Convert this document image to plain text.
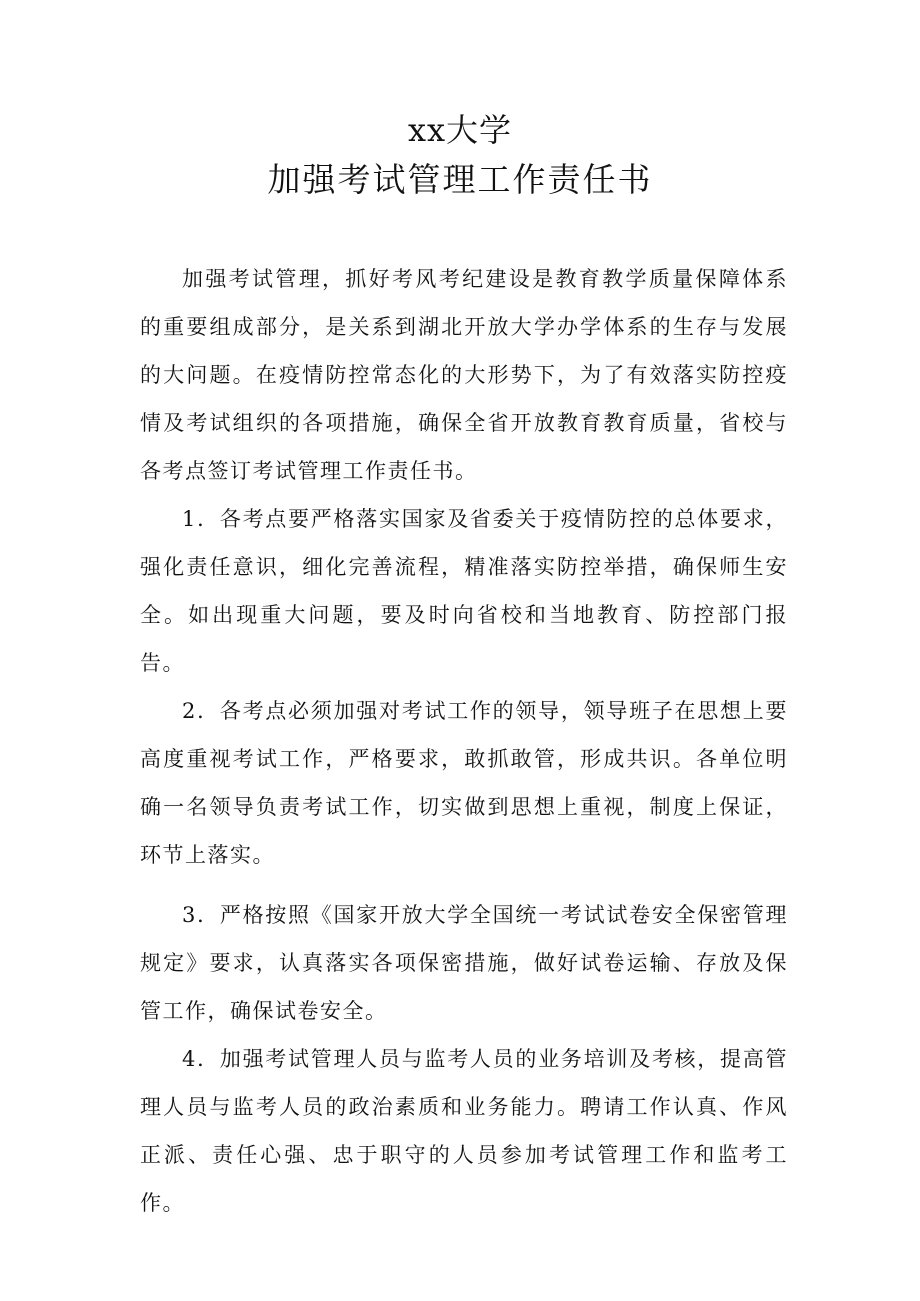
xx大学
加强考试管理工作责任书

加强考试管理，抓好考风考纪建设是教育教学质量保障体系的重要组成部分，是关系到湖北开放大学办学体系的生存与发展的大问题。在疫情防控常态化的大形势下，为了有效落实防控疫情及考试组织的各项措施，确保全省开放教育教育质量，省校与各考点签订考试管理工作责任书。

1．各考点要严格落实国家及省委关于疫情防控的总体要求，强化责任意识，细化完善流程，精准落实防控举措，确保师生安全。如出现重大问题，要及时向省校和当地教育、防控部门报告。

2．各考点必须加强对考试工作的领导，领导班子在思想上要高度重视考试工作，严格要求，敢抓敢管，形成共识。各单位明确一名领导负责考试工作，切实做到思想上重视，制度上保证，环节上落实。

3．严格按照《国家开放大学全国统一考试试卷安全保密管理规定》要求，认真落实各项保密措施，做好试卷运输、存放及保管工作，确保试卷安全。

4．加强考试管理人员与监考人员的业务培训及考核，提高管理人员与监考人员的政治素质和业务能力。聘请工作认真、作风正派、责任心强、忠于职守的人员参加考试管理工作和监考工作。
